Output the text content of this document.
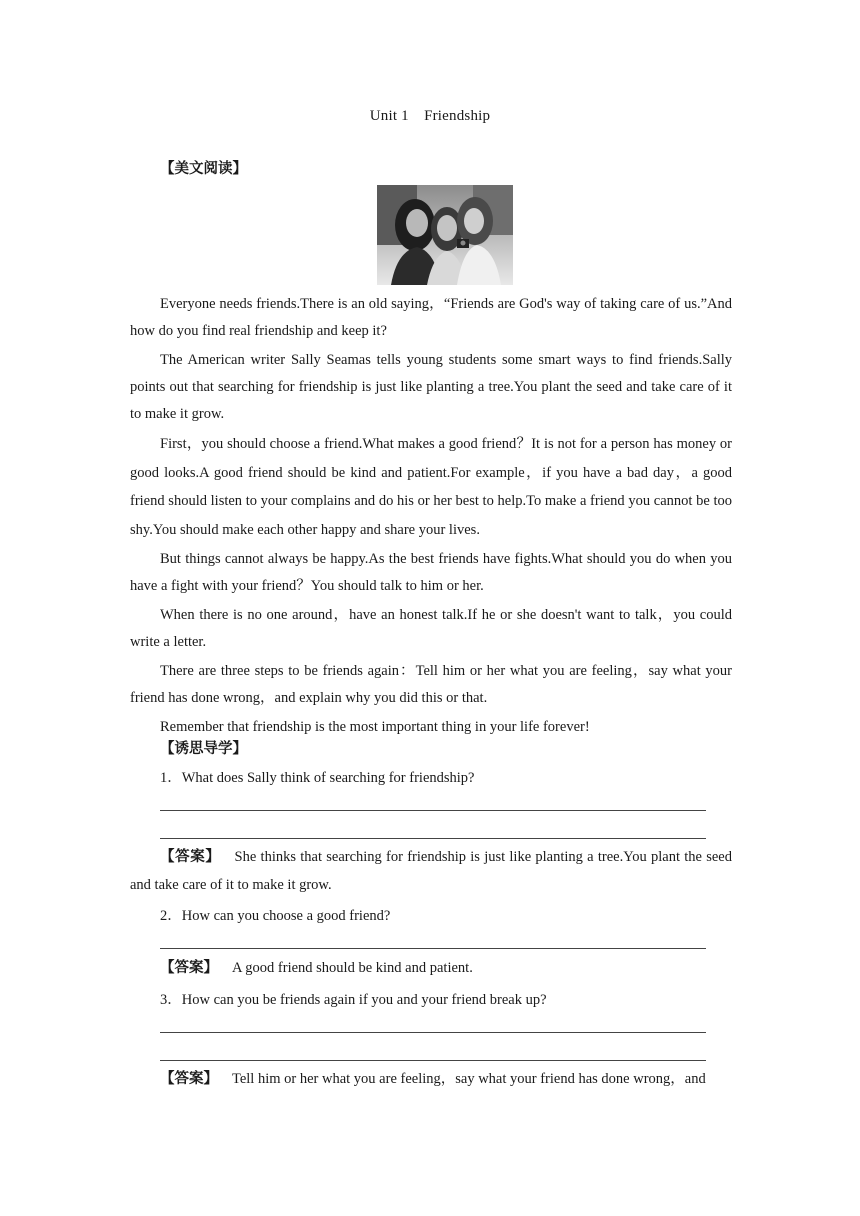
Unit 1　Friendship
【美文阅读】

Everyone needs friends.There is an old saying，“Friends are God's way of taking care of us.”And how do you find real friendship and keep it?

The American writer Sally Seamas tells young students some smart ways to find friends.Sally points out that searching for friendship is just like planting a tree.You plant the seed and take care of it to make it grow.

First，you should choose a friend.What makes a good friend？It is not for a person has money or good looks.A good friend should be kind and patient.For example，if you have a bad day，a good friend should listen to your complains and do his or her best to help.To make a friend you cannot be too shy.You should make each other happy and share your lives.

But things cannot always be happy.As the best friends have fights.What should you do when you have a fight with your friend？You should talk to him or her.

When there is no one around，have an honest talk.If he or she doesn't want to talk，you could write a letter.

There are three steps to be friends again：Tell him or her what you are feeling，say what your friend has done wrong，and explain why you did this or that.

Remember that friendship is the most important thing in your life forever!

【诱思导学】
1．What does Sally think of searching for friendship?
【答案】 She thinks that searching for friendship is just like planting a tree.You plant the seed and take care of it to make it grow.
2．How can you choose a good friend?
【答案】 A good friend should be kind and patient.
3．How can you be friends again if you and your friend break up?
【答案】 Tell him or her what you are feeling，say what your friend has done wrong，and
